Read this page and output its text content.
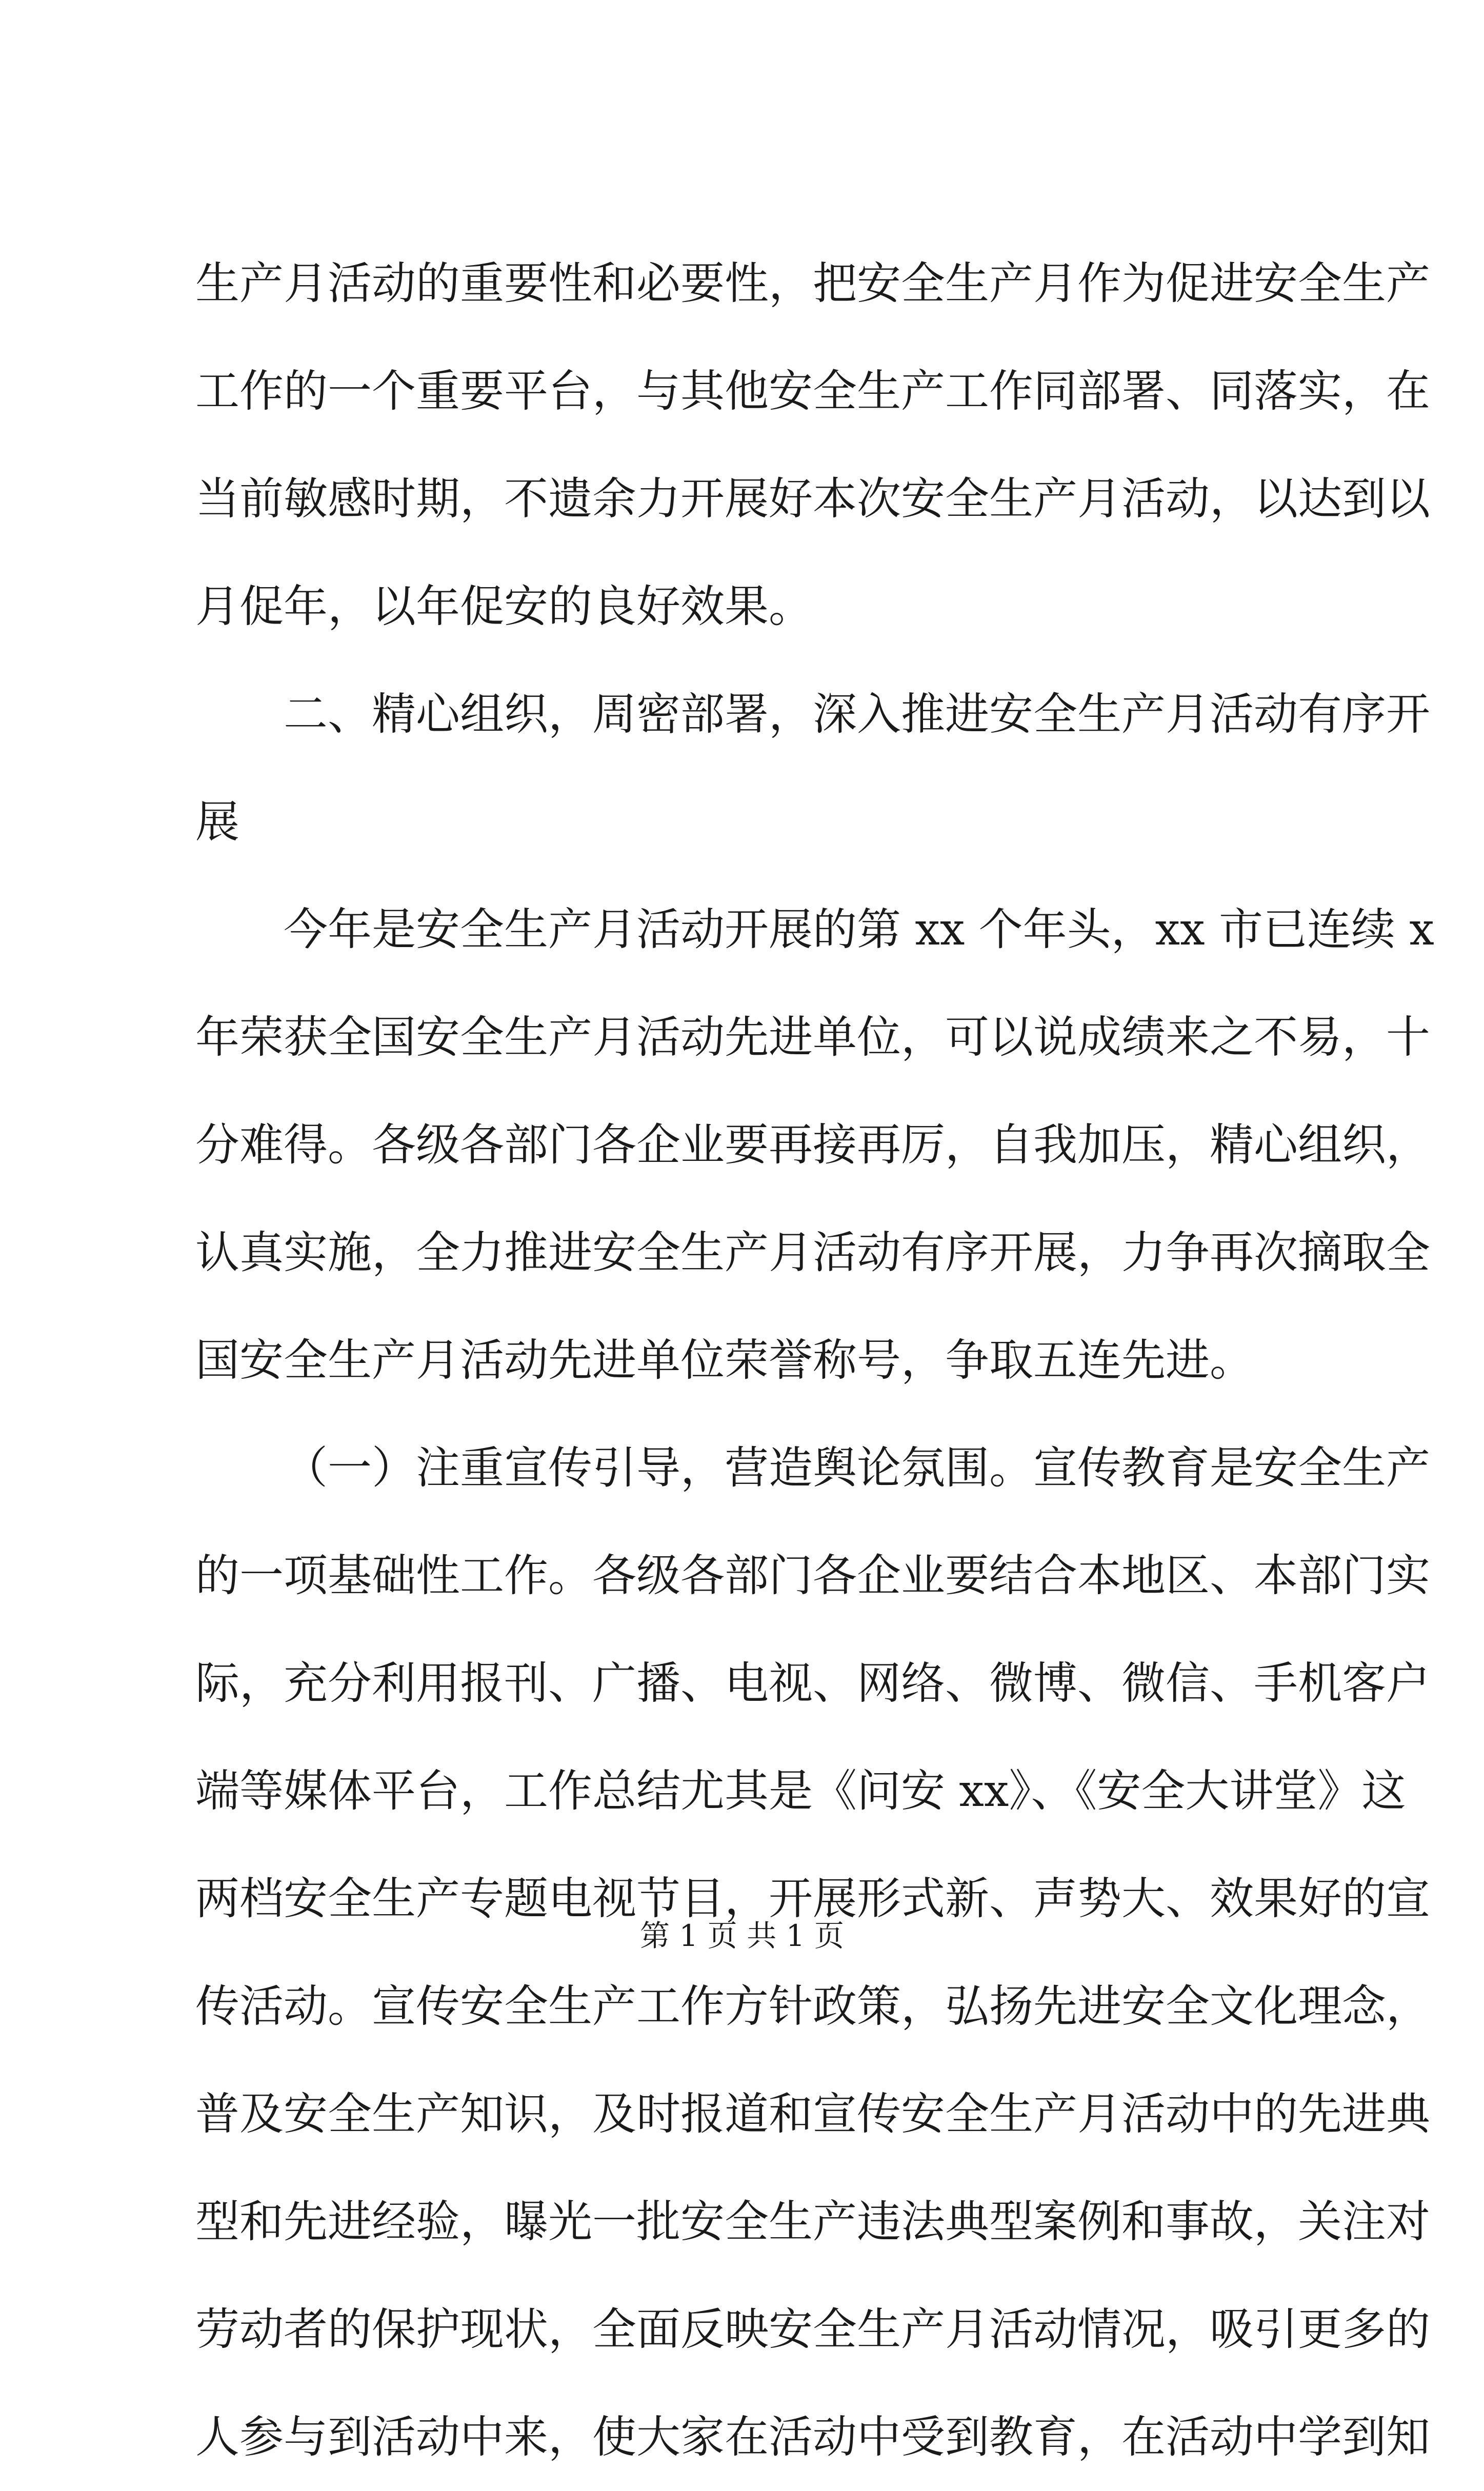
生产月活动的重要性和必要性，把安全生产月作为促进安全生产
工作的一个重要平台，与其他安全生产工作同部署、同落实，在
当前敏感时期，不遗余力开展好本次安全生产月活动，以达到以
月促年，以年促安的良好效果。
二、精心组织，周密部署，深入推进安全生产月活动有序开
展
今年是安全生产月活动开展的第 xx 个年头，xx 市已连续 x
年荣获全国安全生产月活动先进单位，可以说成绩来之不易，十
分难得。各级各部门各企业要再接再厉，自我加压，精心组织，
认真实施，全力推进安全生产月活动有序开展，力争再次摘取全
国安全生产月活动先进单位荣誉称号，争取五连先进。
（一）注重宣传引导，营造舆论氛围。宣传教育是安全生产
的一项基础性工作。各级各部门各企业要结合本地区、本部门实
际，充分利用报刊、广播、电视、网络、微博、微信、手机客户
端等媒体平台，工作总结尤其是《问安 xx》、《安全大讲堂》这
两档安全生产专题电视节目，开展形式新、声势大、效果好的宣
传活动。宣传安全生产工作方针政策，弘扬先进安全文化理念，
普及安全生产知识，及时报道和宣传安全生产月活动中的先进典
型和先进经验，曝光一批安全生产违法典型案例和事故，关注对
劳动者的保护现状，全面反映安全生产月活动情况，吸引更多的
人参与到活动中来，使大家在活动中受到教育，在活动中学到知
第 1 页 共 1 页
